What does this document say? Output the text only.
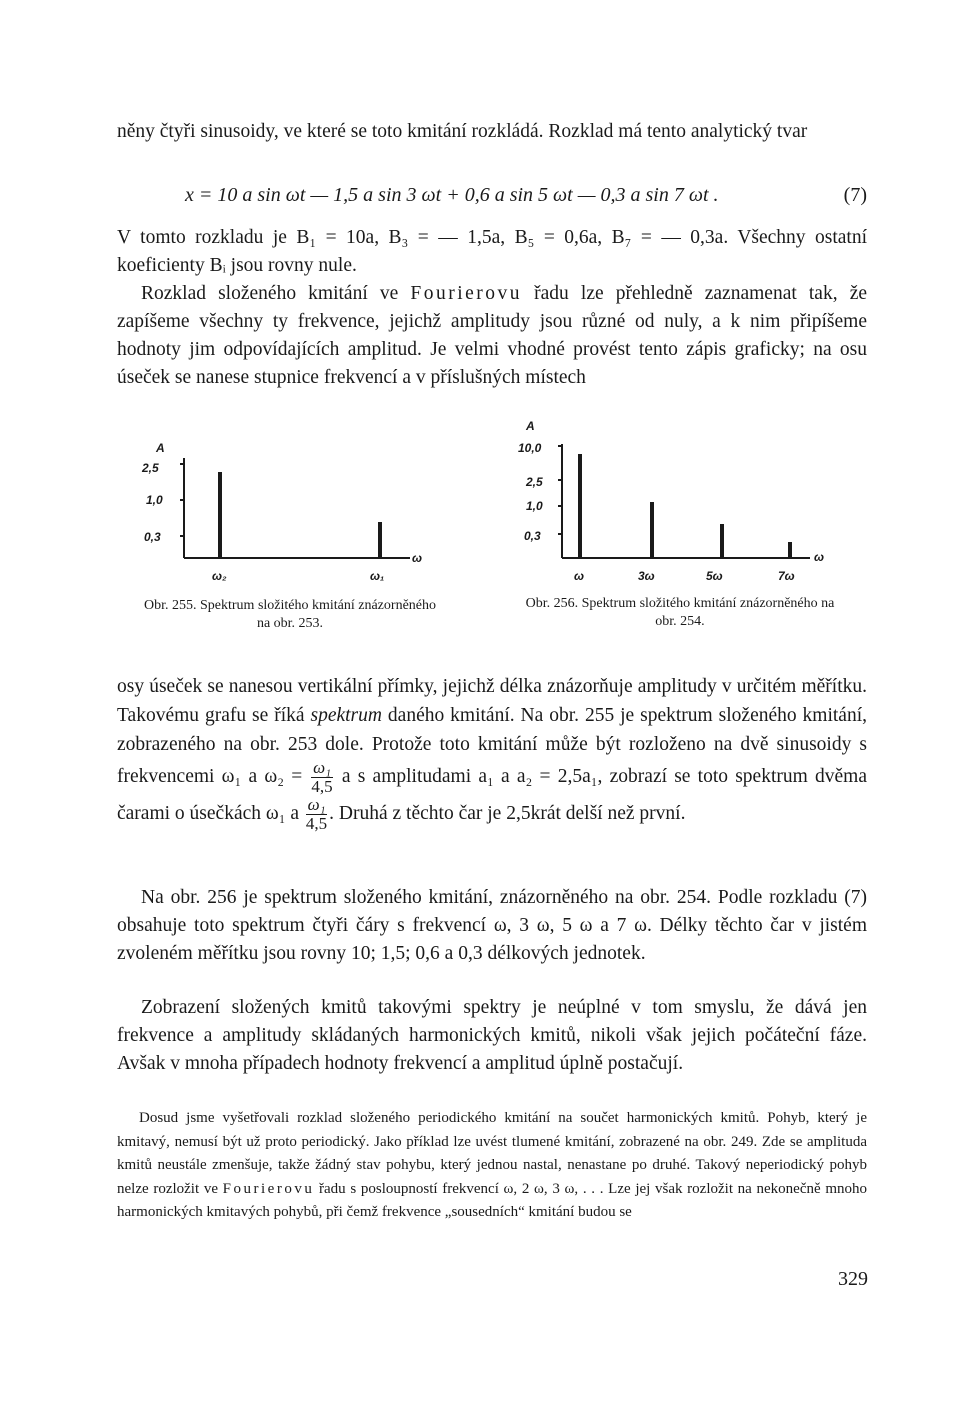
něny čtyři sinusoidy, ve které se toto kmitání rozkládá. Rozklad má tento analytický tvar

x = 10 a sin ωt — 1,5 a sin 3 ωt + 0,6 a sin 5 ωt — 0,3 a sin 7 ωt .	(7)

V tomto rozkladu je B₁ = 10a, B₃ = — 1,5a, B₅ = 0,6a, B₇ = — 0,3a. Všechny ostatní koeficienty Bᵢ jsou rovny nule.

Rozklad složeného kmitání ve Fourierovu řadu lze přehledně zaznamenat tak, že zapíšeme všechny ty frekvence, jejichž amplitudy jsou různé od nuly, a k nim připíšeme hodnoty jim odpovídajících amplitud. Je velmi vhodné provést tento zápis graficky; na osu úseček se nanese stupnice frekvencí a v příslušných místech

A
2,5
1,0
0,3
ω
ω₂	ω₁
Obr. 255. Spektrum složitého kmitání znázorněného na obr. 253.
A
10,0
2,5
1,0
0,3
ω
ω	3ω	5ω	7ω
Obr. 256. Spektrum složitého kmitání znázorněného na obr. 254.

osy úseček se nanesou vertikální přímky, jejichž délka znázorňuje amplitudy v určitém měřítku. Takovému grafu se říká spektrum daného kmitání. Na obr. 255 je spektrum složeného kmitání, zobrazeného na obr. 253 dole. Protože toto kmitání může být rozloženo na dvě sinusoidy s frekvencemi ω₁ a $\omega_2 = \frac{\text{ω₁}}{4,5}$ a s amplitudami a₁ a a₂ = 2,5a₁, zobrazí se toto spektrum dvěma čarami o úsečkách ω₁ a $\frac{\text{ω₁}}{4,5}$ . Druhá z těchto čar je 2,5krát delší než první.

Na obr. 256 je spektrum složeného kmitání, znázorněného na obr. 254. Podle rozkladu (7) obsahuje toto spektrum čtyři čáry s frekvencí ω, 3 ω, 5 ω a 7 ω. Délky těchto čar v jistém zvoleném měřítku jsou rovny 10; 1,5; 0,6 a 0,3 délkových jednotek.

Zobrazení složených kmitů takovými spektry je neúplné v tom smyslu, že dává jen frekvence a amplitudy skládaných harmonických kmitů, nikoli však jejich počáteční fáze. Avšak v mnoha případech hodnoty frekvencí a amplitud úplně postačují.

Dosud jsme vyšetřovali rozklad složeného periodického kmitání na součet harmonických kmitů. Pohyb, který je kmitavý, nemusí být už proto periodický. Jako příklad lze uvést tlumené kmitání, zobrazené na obr. 249. Zde se amplituda kmitů neustále zmenšuje, takže žádný stav pohybu, který jednou nastal, nenastane po druhé. Takový neperiodický pohyb nelze rozložit ve Fourierovu řadu s posloupností frekvencí ω, 2 ω, 3 ω, . . . Lze jej však rozložit na nekonečně mnoho harmonických kmitavých pohybů, při čemž frekvence „sousedních“ kmitání budou se

329
